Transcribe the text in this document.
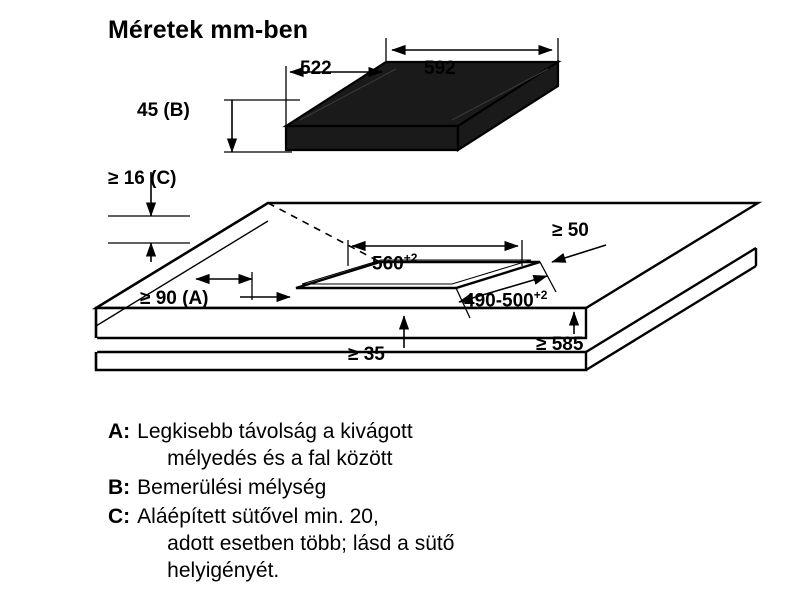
Méretek mm-ben
522	592
45 (B)
≥ 16 (C)
≥ 50
$560^{+2}$
$490-500^{+2}$
≥ 90 (A)
≥ 35	≥ 585
A: Legkisebb távolság a kivágott
mélyedés és a fal között
B: Bemerülési mélység
C: Aláépített sütővel min. 20,
adott esetben több; lásd a sütő
helyigényét.
